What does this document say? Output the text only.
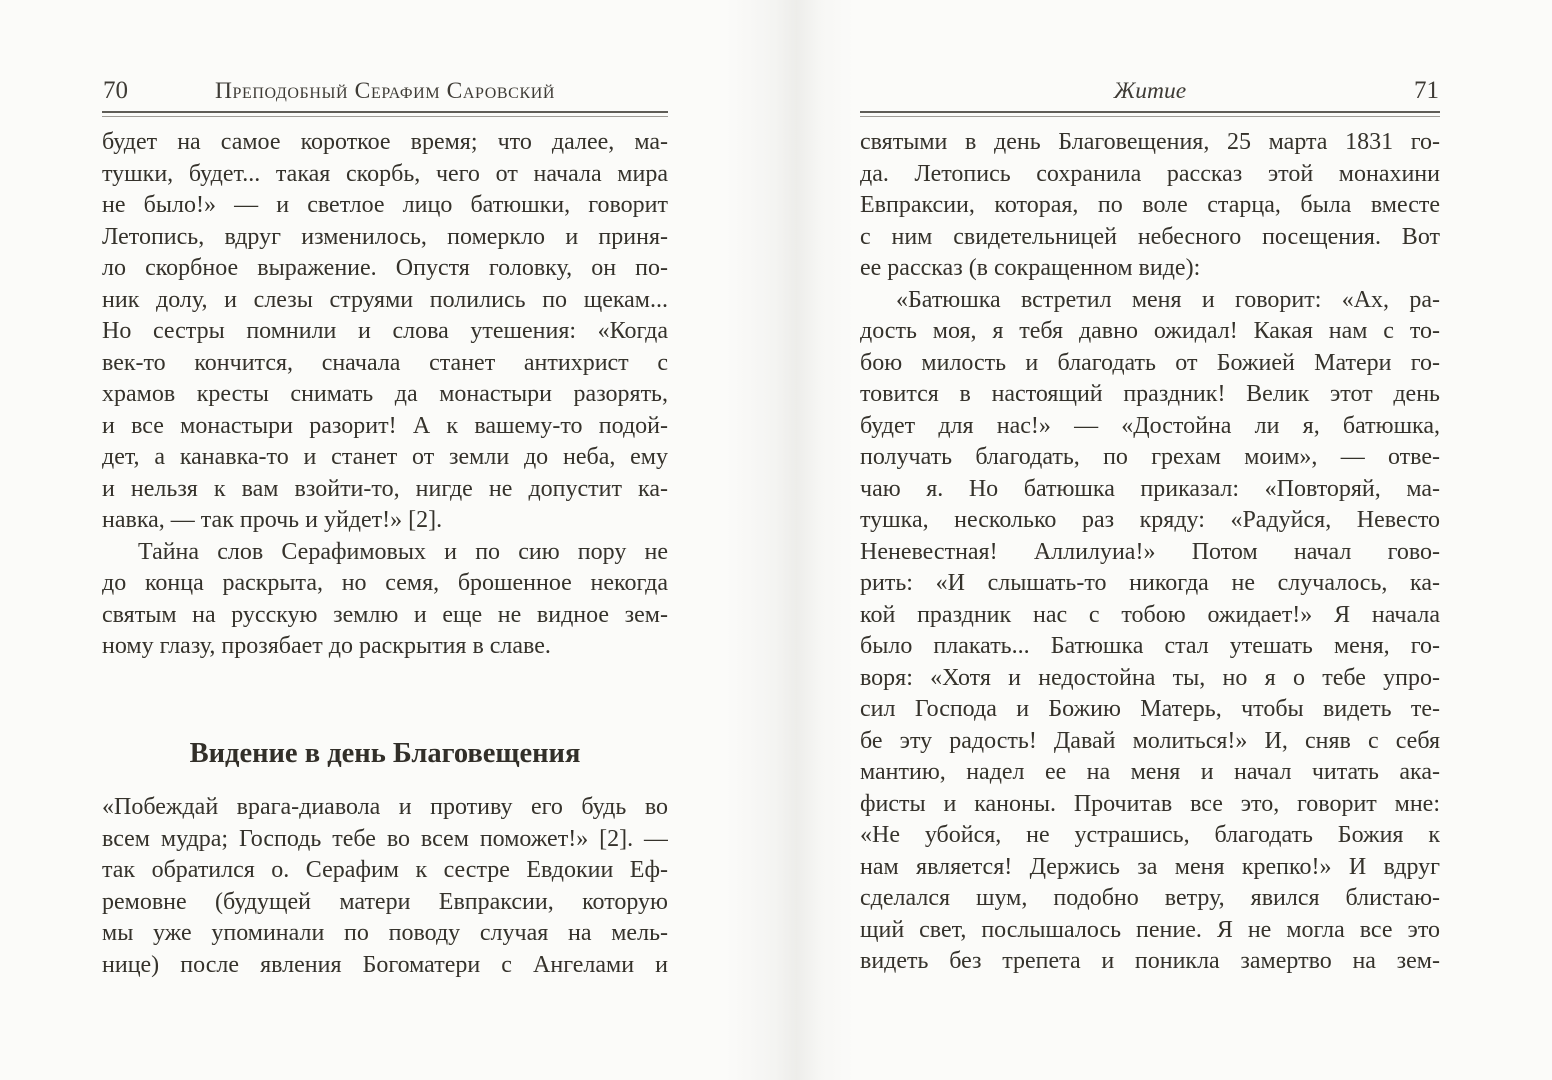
70	Преподобный Серафим Саровский
будет на самое короткое время; что далее, ма-
тушки, будет... такая скорбь, чего от начала мира
не было!» — и светлое лицо батюшки, говорит
Летопись, вдруг изменилось, померкло и приня-
ло скорбное выражение. Опустя головку, он по-
ник долу, и слезы струями полились по щекам...
Но сестры помнили и слова утешения: «Когда
век-то кончится, сначала станет антихрист с
храмов кресты снимать да монастыри разорять,
и все монастыри разорит! А к вашему-то подой-
дет, а канавка-то и станет от земли до неба, ему
и нельзя к вам взойти-то, нигде не допустит ка-
навка, — так прочь и уйдет!» [2].
Тайна слов Серафимовых и по сию пору не
до конца раскрыта, но семя, брошенное некогда
святым на русскую землю и еще не видное зем-
ному глазу, прозябает до раскрытия в славе.
Видение в день Благовещения
«Побеждай врага-диавола и противу его будь во
всем мудра; Господь тебе во всем поможет!» [2]. —
так обратился о. Серафим к сестре Евдокии Еф-
ремовне (будущей матери Евпраксии, которую
мы уже упоминали по поводу случая на мель-
нице) после явления Богоматери с Ангелами и
Житие	71
святыми в день Благовещения, 25 марта 1831 го-
да. Летопись сохранила рассказ этой монахини
Евпраксии, которая, по воле старца, была вместе
с ним свидетельницей небесного посещения. Вот
ее рассказ (в сокращенном виде):
«Батюшка встретил меня и говорит: «Ах, ра-
дость моя, я тебя давно ожидал! Какая нам с то-
бою милость и благодать от Божией Матери го-
товится в настоящий праздник! Велик этот день
будет для нас!» — «Достойна ли я, батюшка,
получать благодать, по грехам моим», — отве-
чаю я. Но батюшка приказал: «Повторяй, ма-
тушка, несколько раз кряду: «Радуйся, Невесто
Неневестная! Аллилуиа!» Потом начал гово-
рить: «И слышать-то никогда не случалось, ка-
кой праздник нас с тобою ожидает!» Я начала
было плакать... Батюшка стал утешать меня, го-
воря: «Хотя и недостойна ты, но я о тебе упро-
сил Господа и Божию Матерь, чтобы видеть те-
бе эту радость! Давай молиться!» И, сняв с себя
мантию, надел ее на меня и начал читать ака-
фисты и каноны. Прочитав все это, говорит мне:
«Не убойся, не устрашись, благодать Божия к
нам является! Держись за меня крепко!» И вдруг
сделался шум, подобно ветру, явился блистаю-
щий свет, послышалось пение. Я не могла все это
видеть без трепета и поникла замертво на зем-
